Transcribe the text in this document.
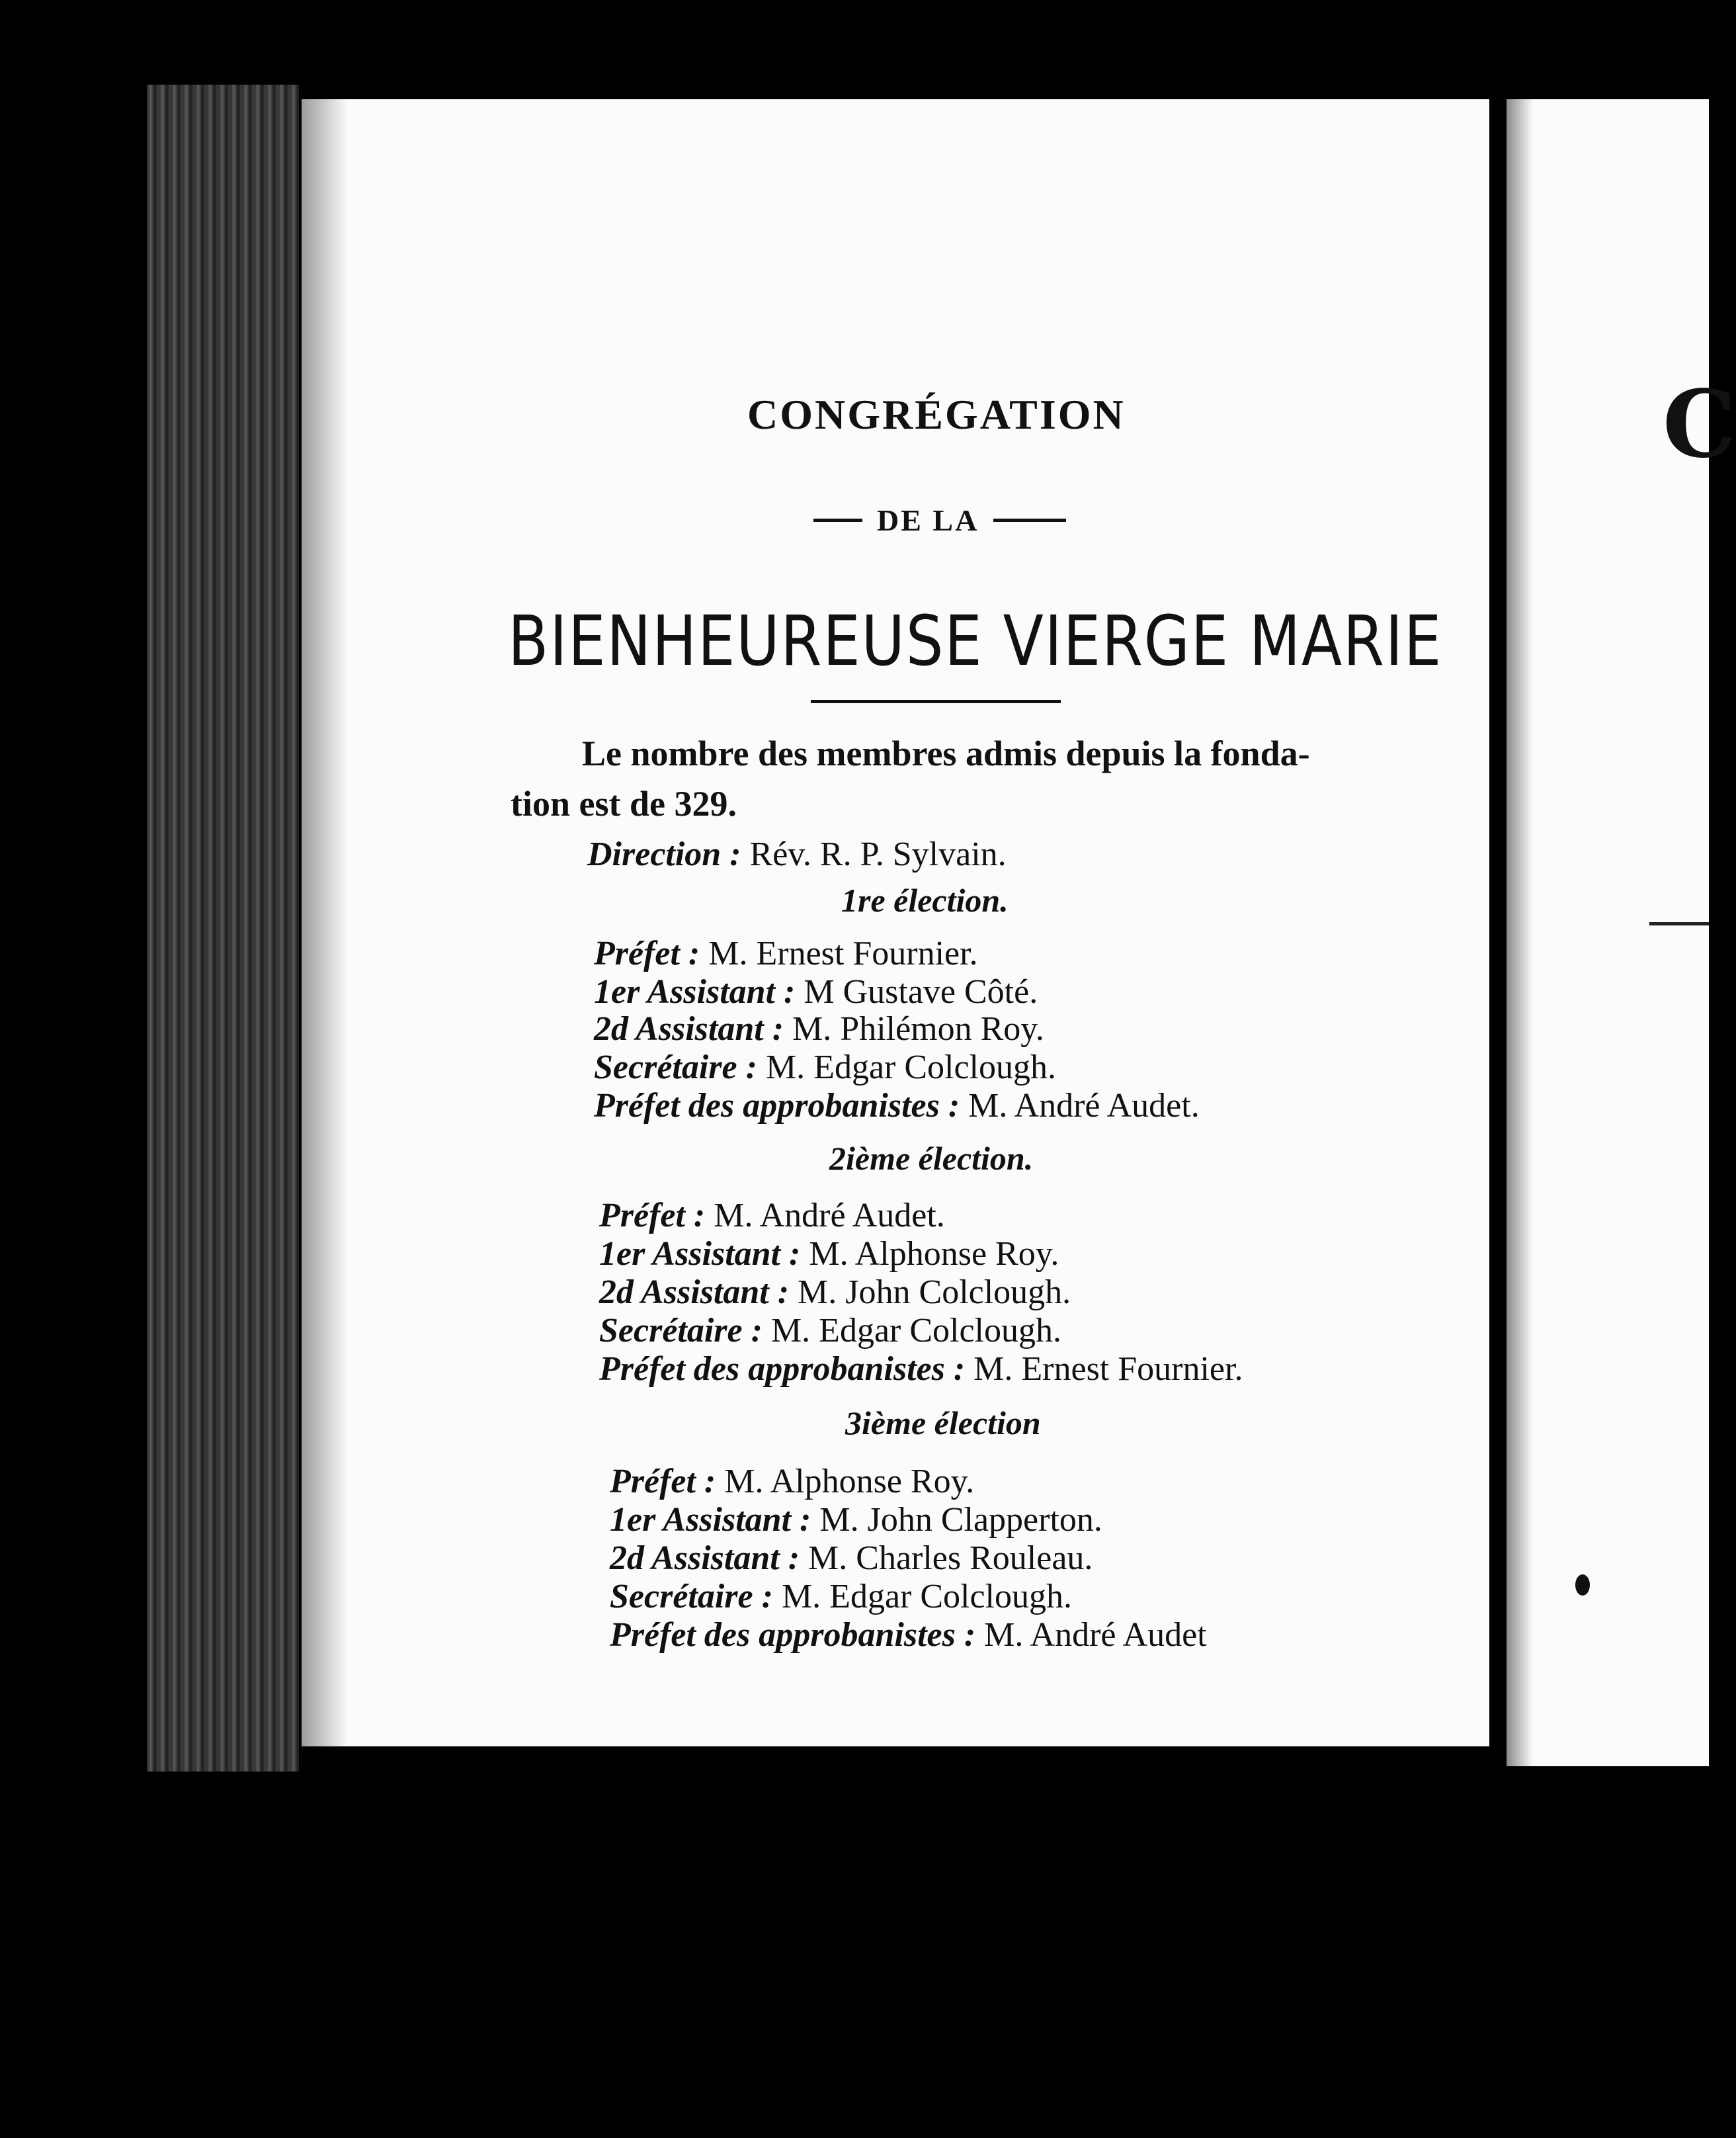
C
CONGRÉGATION
DE LA
BIENHEUREUSE VIERGE MARIE
Le nombre des membres admis depuis la fonda-
tion est de 329.
Direction : Rév. R. P. Sylvain.
1re élection.
Préfet : M. Ernest Fournier.
1er Assistant : M Gustave Côté.
2d Assistant : M. Philémon Roy.
Secrétaire : M. Edgar Colclough.
Préfet des approbanistes : M. André Audet.
2ième élection.
Préfet : M. André Audet.
1er Assistant : M. Alphonse Roy.
2d Assistant : M. John Colclough.
Secrétaire : M. Edgar Colclough.
Préfet des approbanistes : M. Ernest Fournier.
3ième élection
Préfet : M. Alphonse Roy.
1er Assistant : M. John Clapperton.
2d Assistant : M. Charles Rouleau.
Secrétaire : M. Edgar Colclough.
Préfet des approbanistes : M. André Audet
